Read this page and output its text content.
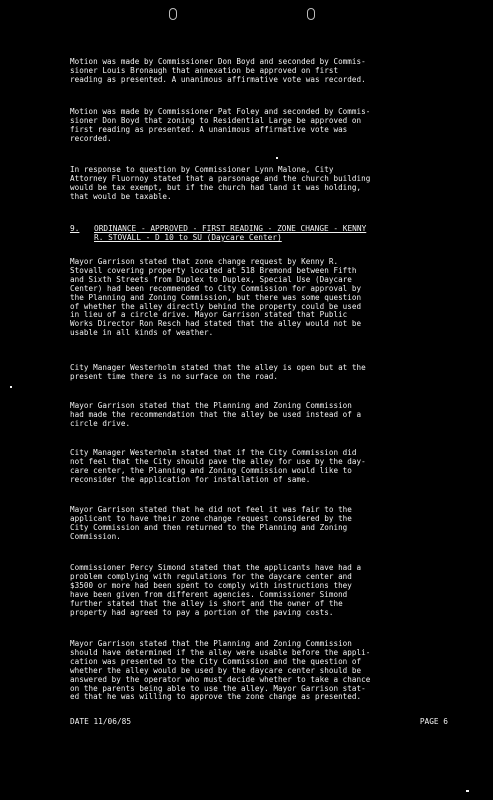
Motion was made by Commissioner Don Boyd and seconded by Commis-
sioner Louis Bronaugh that annexation be approved on first
reading as presented. A unanimous affirmative vote was recorded.
Motion was made by Commissioner Pat Foley and seconded by Commis-
sioner Don Boyd that zoning to Residential Large be approved on
first reading as presented. A unanimous affirmative vote was
recorded.
In response to question by Commissioner Lynn Malone, City
Attorney Fluornoy stated that a parsonage and the church building
would be tax exempt, but if the church had land it was holding,
that would be taxable.
9. ORDINANCE - APPROVED - FIRST READING - ZONE CHANGE - KENNY
R. STOVALL - D 10 to SU (Daycare Center)
Mayor Garrison stated that zone change request by Kenny R.
Stovall covering property located at 518 Bremond between Fifth
and Sixth Streets from Duplex to Duplex, Special Use (Daycare
Center) had been recommended to City Commission for approval by
the Planning and Zoning Commission, but there was some question
of whether the alley directly behind the property could be used
in lieu of a circle drive. Mayor Garrison stated that Public
Works Director Ron Resch had stated that the alley would not be
usable in all kinds of weather.
City Manager Westerholm stated that the alley is open but at the
present time there is no surface on the road.
Mayor Garrison stated that the Planning and Zoning Commission
had made the recommendation that the alley be used instead of a
circle drive.
City Manager Westerholm stated that if the City Commission did
not feel that the City should pave the alley for use by the day-
care center, the Planning and Zoning Commission would like to
reconsider the application for installation of same.
Mayor Garrison stated that he did not feel it was fair to the
applicant to have their zone change request considered by the
City Commission and then returned to the Planning and Zoning
Commission.
Commissioner Percy Simond stated that the applicants have had a
problem complying with regulations for the daycare center and
$3500 or more had been spent to comply with instructions they
have been given from different agencies. Commissioner Simond
further stated that the alley is short and the owner of the
property had agreed to pay a portion of the paving costs.
Mayor Garrison stated that the Planning and Zoning Commission
should have determined if the alley were usable before the appli-
cation was presented to the City Commission and the question of
whether the alley would be used by the daycare center should be
answered by the operator who must decide whether to take a chance
on the parents being able to use the alley. Mayor Garrison stat-
ed that he was willing to approve the zone change as presented.
DATE 11/06/85	PAGE 6
